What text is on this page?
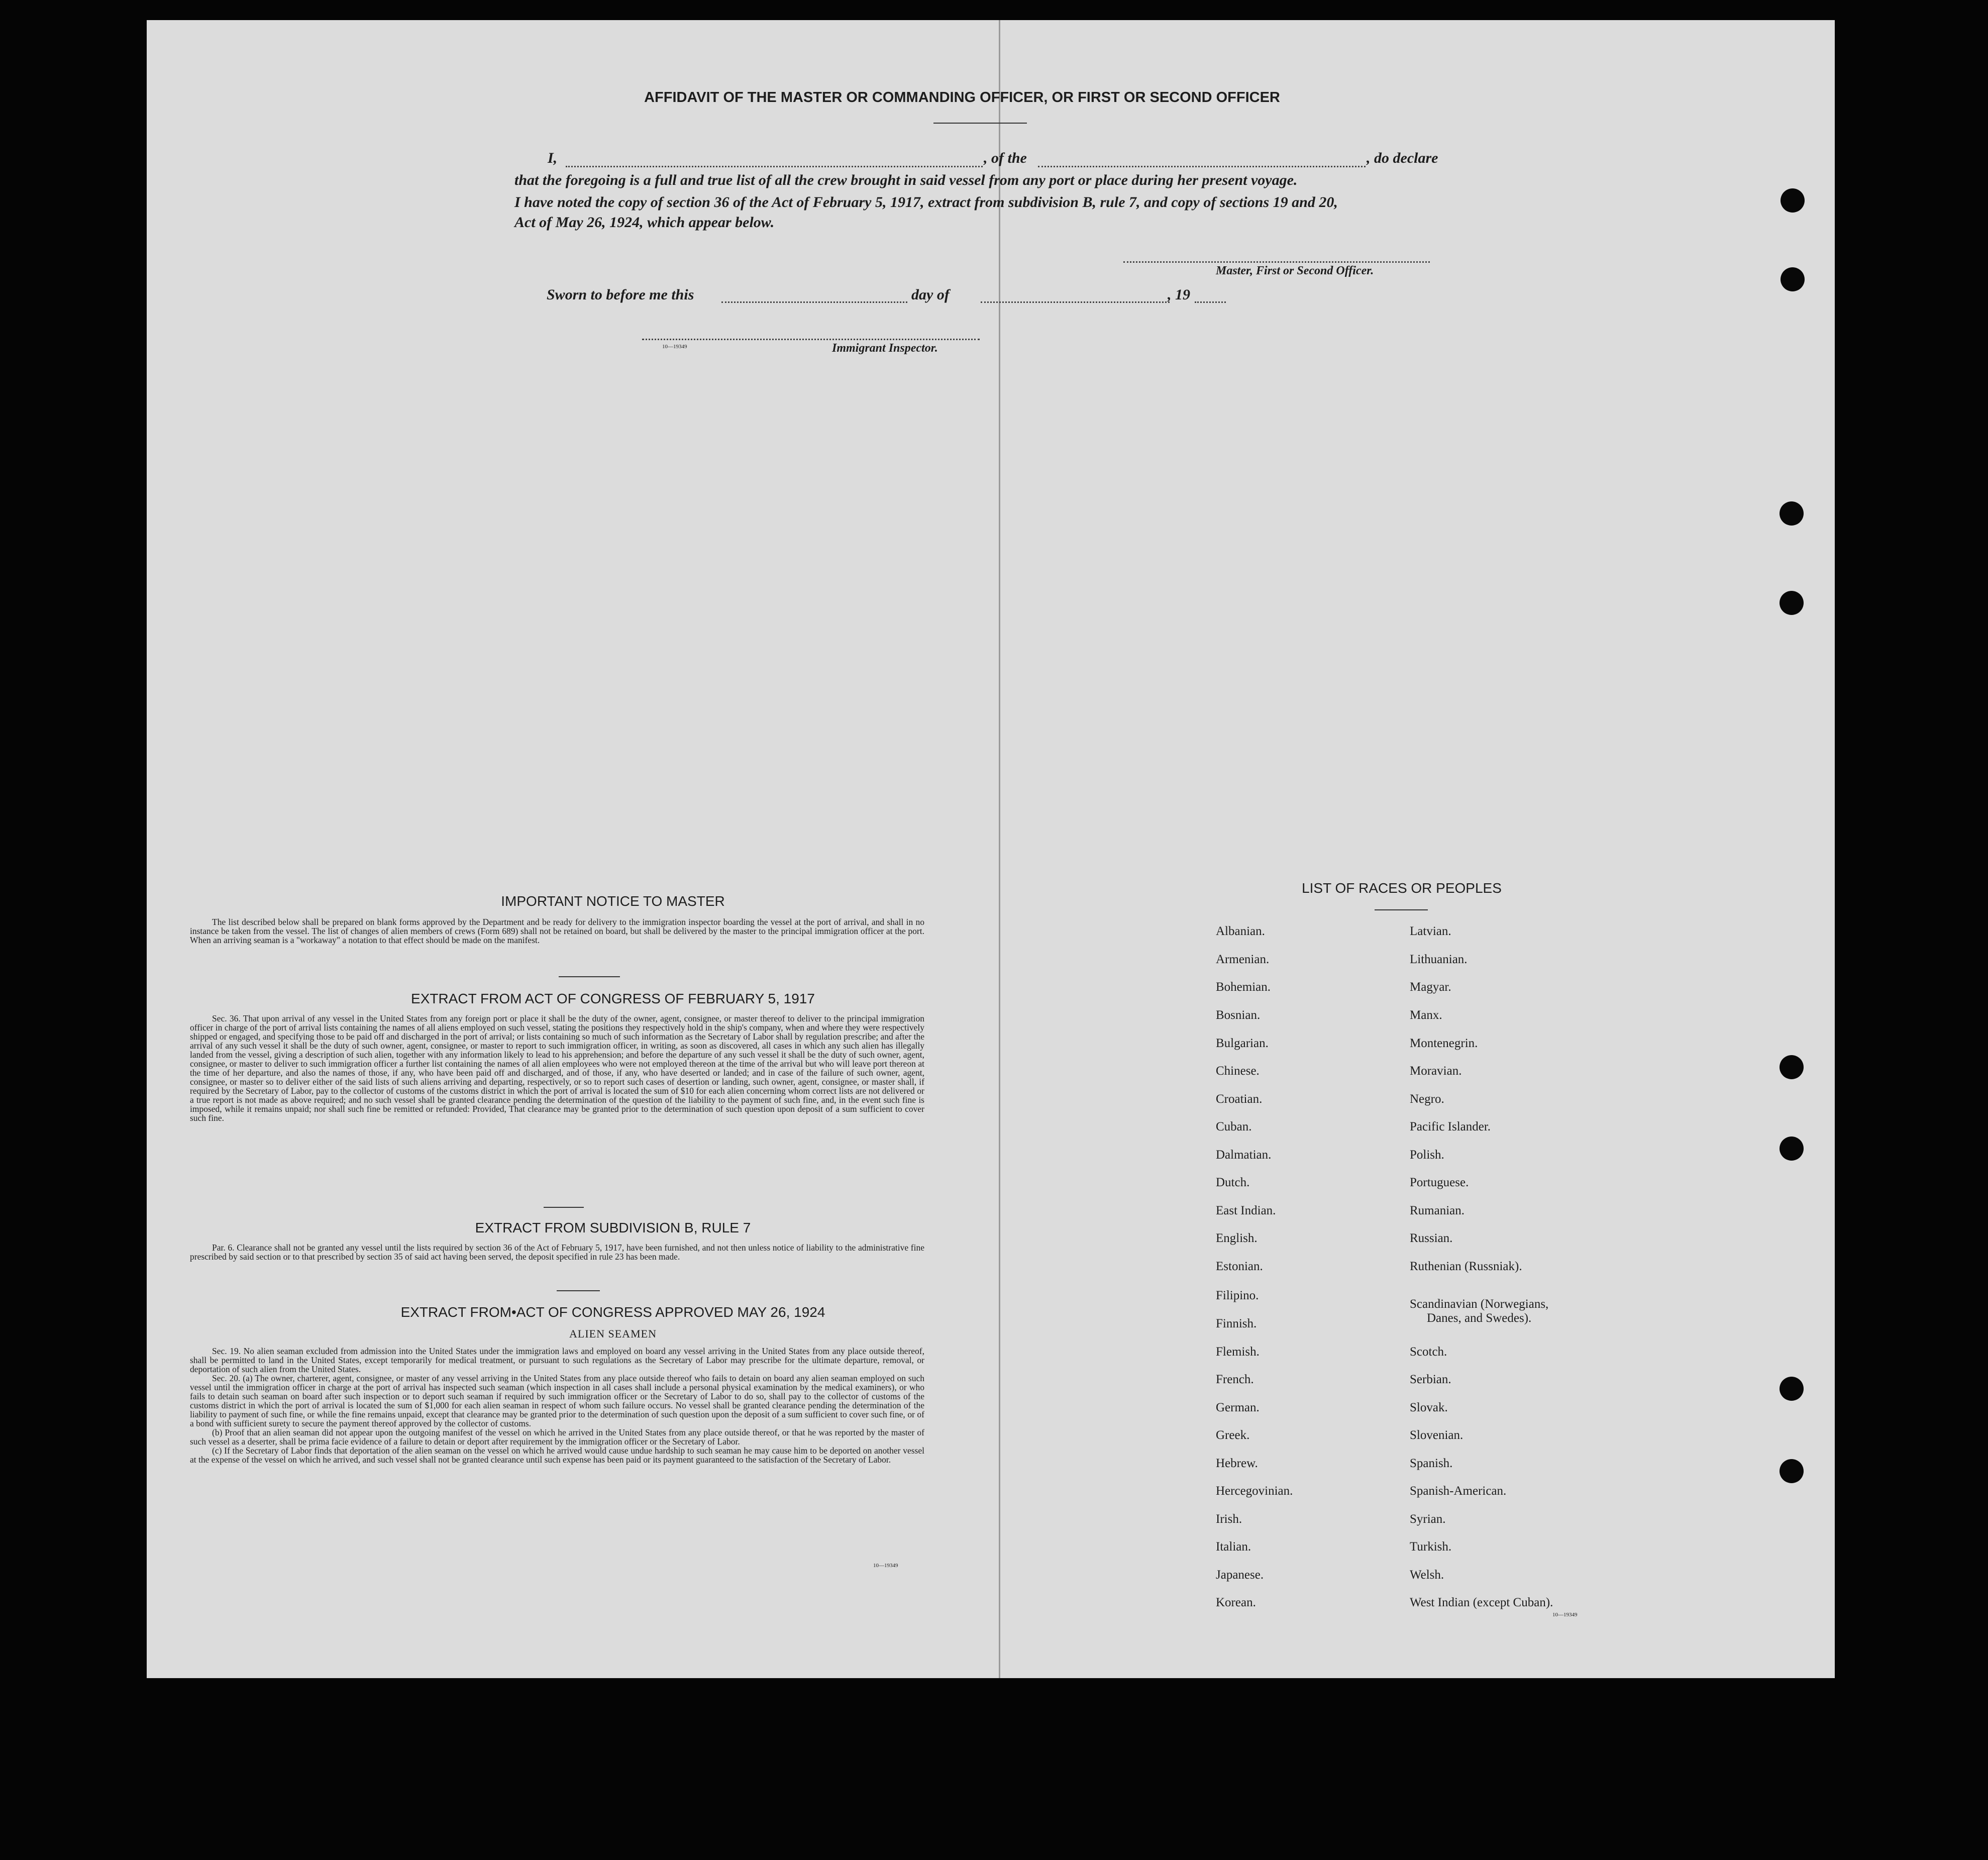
AFFIDAVIT OF THE MASTER OR COMMANDING OFFICER, OR FIRST OR SECOND OFFICER
I,	, of the	, do declare
that the foregoing is a full and true list of all the crew brought in said vessel from any port or place during her present voyage.
I have noted the copy of section 36 of the Act of February 5, 1917, extract from subdivision B, rule 7, and copy of sections 19 and 20,
Act of May 26, 1924, which appear below.
Master, First or Second Officer.
Sworn to before me this	day of	, 19
10—19349	Immigrant Inspector.
IMPORTANT NOTICE TO MASTER

The list described below shall be prepared on blank forms approved by the Department and be ready for delivery to the immigration inspector boarding the vessel at the port of arrival, and shall in no instance be taken from the vessel. The list of changes of alien members of crews (Form 689) shall not be retained on board, but shall be delivered by the master to the principal immigration officer at the port. When an arriving seaman is a "workaway" a notation to that effect should be made on the manifest.

EXTRACT FROM ACT OF CONGRESS OF FEBRUARY 5, 1917

Sec. 36. That upon arrival of any vessel in the United States from any foreign port or place it shall be the duty of the owner, agent, consignee, or master thereof to deliver to the principal immigration officer in charge of the port of arrival lists containing the names of all aliens employed on such vessel, stating the positions they respectively hold in the ship's company, when and where they were respectively shipped or engaged, and specifying those to be paid off and discharged in the port of arrival; or lists containing so much of such information as the Secretary of Labor shall by regulation prescribe; and after the arrival of any such vessel it shall be the duty of such owner, agent, consignee, or master to report to such immigration officer, in writing, as soon as discovered, all cases in which any such alien has illegally landed from the vessel, giving a description of such alien, together with any information likely to lead to his apprehension; and before the departure of any such vessel it shall be the duty of such owner, agent, consignee, or master to deliver to such immigration officer a further list containing the names of all alien employees who were not employed thereon at the time of the arrival but who will leave port thereon at the time of her departure, and also the names of those, if any, who have been paid off and discharged, and of those, if any, who have deserted or landed; and in case of the failure of such owner, agent, consignee, or master so to deliver either of the said lists of such aliens arriving and departing, respectively, or so to report such cases of desertion or landing, such owner, agent, consignee, or master shall, if required by the Secretary of Labor, pay to the collector of customs of the customs district in which the port of arrival is located the sum of $10 for each alien concerning whom correct lists are not delivered or a true report is not made as above required; and no such vessel shall be granted clearance pending the determination of the question of the liability to the payment of such fine, and, in the event such fine is imposed, while it remains unpaid; nor shall such fine be remitted or refunded: Provided, That clearance may be granted prior to the determination of such question upon deposit of a sum sufficient to cover such fine.

EXTRACT FROM SUBDIVISION B, RULE 7

Par. 6. Clearance shall not be granted any vessel until the lists required by section 36 of the Act of February 5, 1917, have been furnished, and not then unless notice of liability to the administrative fine prescribed by said section or to that prescribed by section 35 of said act having been served, the deposit specified in rule 23 has been made.

EXTRACT FROM•ACT OF CONGRESS APPROVED MAY 26, 1924
ALIEN SEAMEN

Sec. 19. No alien seaman excluded from admission into the United States under the immigration laws and employed on board any vessel arriving in the United States from any place outside thereof, shall be permitted to land in the United States, except temporarily for medical treatment, or pursuant to such regulations as the Secretary of Labor may prescribe for the ultimate departure, removal, or deportation of such alien from the United States.

Sec. 20. (a) The owner, charterer, agent, consignee, or master of any vessel arriving in the United States from any place outside thereof who fails to detain on board any alien seaman employed on such vessel until the immigration officer in charge at the port of arrival has inspected such seaman (which inspection in all cases shall include a personal physical examination by the medical examiners), or who fails to detain such seaman on board after such inspection or to deport such seaman if required by such immigration officer or the Secretary of Labor to do so, shall pay to the collector of customs of the customs district in which the port of arrival is located the sum of $1,000 for each alien seaman in respect of whom such failure occurs. No vessel shall be granted clearance pending the determination of the liability to payment of such fine, or while the fine remains unpaid, except that clearance may be granted prior to the determination of such question upon the deposit of a sum sufficient to cover such fine, or of a bond with sufficient surety to secure the payment thereof approved by the collector of customs.

(b) Proof that an alien seaman did not appear upon the outgoing manifest of the vessel on which he arrived in the United States from any place outside thereof, or that he was reported by the master of such vessel as a deserter, shall be prima facie evidence of a failure to detain or deport after requirement by the immigration officer or the Secretary of Labor.

(c) If the Secretary of Labor finds that deportation of the alien seaman on the vessel on which he arrived would cause undue hardship to such seaman he may cause him to be deported on another vessel at the expense of the vessel on which he arrived, and such vessel shall not be granted clearance until such expense has been paid or its payment guaranteed to the satisfaction of the Secretary of Labor.

10—19349
LIST OF RACES OR PEOPLES
Albanian.
Armenian.
Bohemian.
Bosnian.
Bulgarian.
Chinese.
Croatian.
Cuban.
Dalmatian.
Dutch.
East Indian.
English.
Estonian.
Filipino.
Finnish.
Flemish.
French.
German.
Greek.
Hebrew.
Hercegovinian.
Irish.
Italian.
Japanese.
Korean.
Latvian.
Lithuanian.
Magyar.
Manx.
Montenegrin.
Moravian.
Negro.
Pacific Islander.
Polish.
Portuguese.
Rumanian.
Russian.
Ruthenian (Russniak).
Scandinavian (Norwegians,
Danes, and Swedes).
Scotch.
Serbian.
Slovak.
Slovenian.
Spanish.
Spanish-American.
Syrian.
Turkish.
Welsh.
West Indian (except Cuban).
10—19349
